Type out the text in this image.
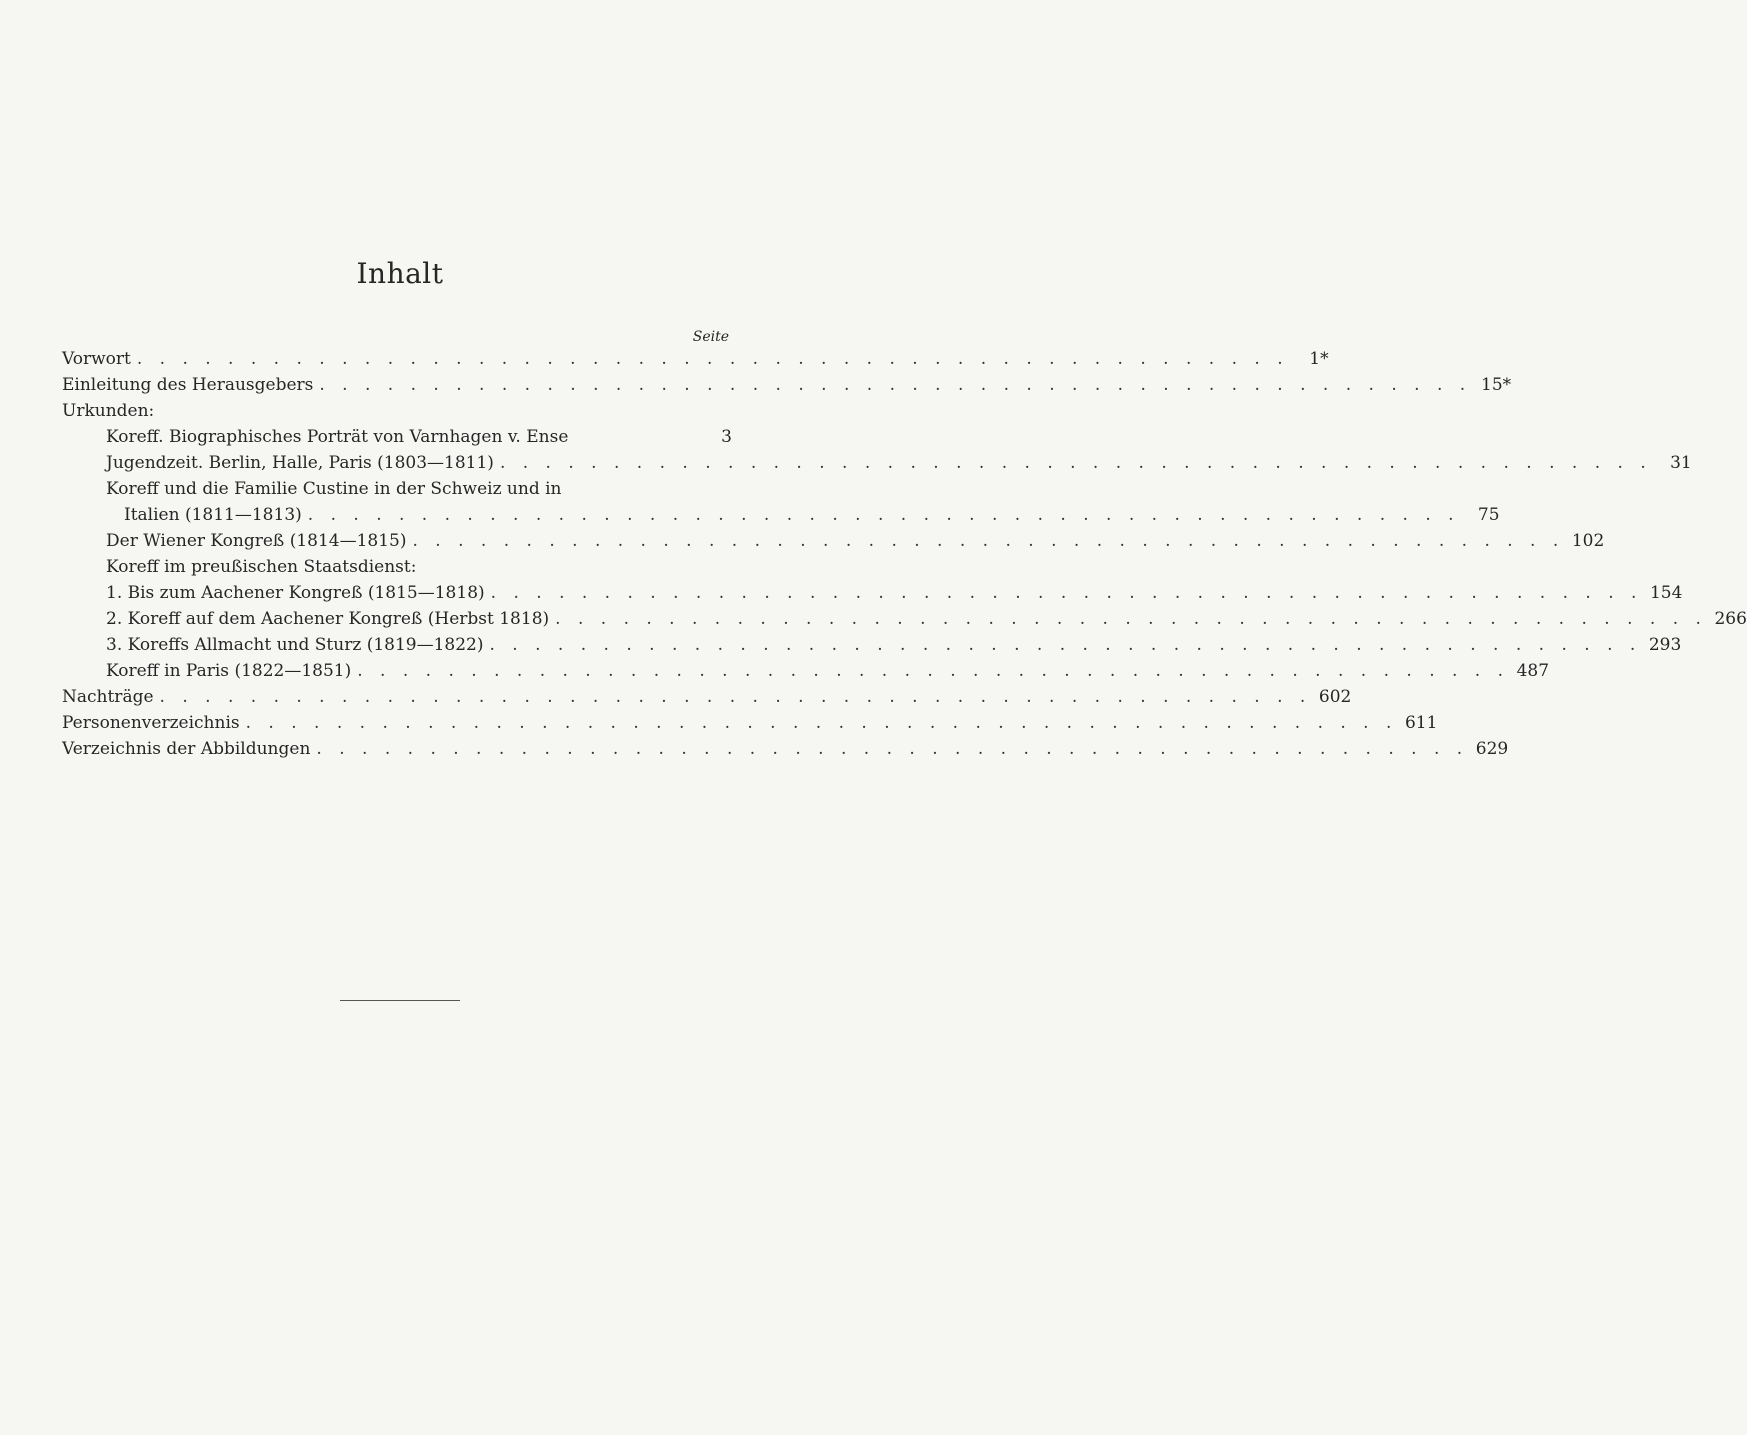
Inhalt
Seite
Vorwort . . . . . . . . . . . . . . . . . . . . . . . . . . . . . . . . . . . . . . . . . . . . . . . . . . .	1*
Einleitung des Herausgebers . . . . . . . . . . . . . . . . . . . . . . . . . . . . . . . . . . . . . . . . . . . . . . . . . . . 15*
Urkunden:
Koreff. Biographisches Porträt von Varnhagen v. Ense	3
Jugendzeit. Berlin, Halle, Paris (1803—1811) . . . . . . . . . . . . . . . . . . . . . . . . . . . . . . . . . . . . . . . . . . . . . . . . . . .	31
Koreff und die Familie Custine in der Schweiz und in
Italien (1811—1813) . . . . . . . . . . . . . . . . . . . . . . . . . . . . . . . . . . . . . . . . . . . . . . . . . . .	75
Der Wiener Kongreß (1814—1815) . . . . . . . . . . . . . . . . . . . . . . . . . . . . . . . . . . . . . . . . . . . . . . . . . . . 102
Koreff im preußischen Staatsdienst:
1. Bis zum Aachener Kongreß (1815—1818) . . . . . . . . . . . . . . . . . . . . . . . . . . . . . . . . . . . . . . . . . . . . . . . . . . . 154
2. Koreff auf dem Aachener Kongreß (Herbst 1818) . . . . . . . . . . . . . . . . . . . . . . . . . . . . . . . . . . . . . . . . . . . . . . . . . . . 266
3. Koreffs Allmacht und Sturz (1819—1822) . . . . . . . . . . . . . . . . . . . . . . . . . . . . . . . . . . . . . . . . . . . . . . . . . . . 293
Koreff in Paris (1822—1851) . . . . . . . . . . . . . . . . . . . . . . . . . . . . . . . . . . . . . . . . . . . . . . . . . . . 487
Nachträge . . . . . . . . . . . . . . . . . . . . . . . . . . . . . . . . . . . . . . . . . . . . . . . . . . . 602
Personenverzeichnis . . . . . . . . . . . . . . . . . . . . . . . . . . . . . . . . . . . . . . . . . . . . . . . . . . . 611
Verzeichnis der Abbildungen . . . . . . . . . . . . . . . . . . . . . . . . . . . . . . . . . . . . . . . . . . . . . . . . . . . 629
